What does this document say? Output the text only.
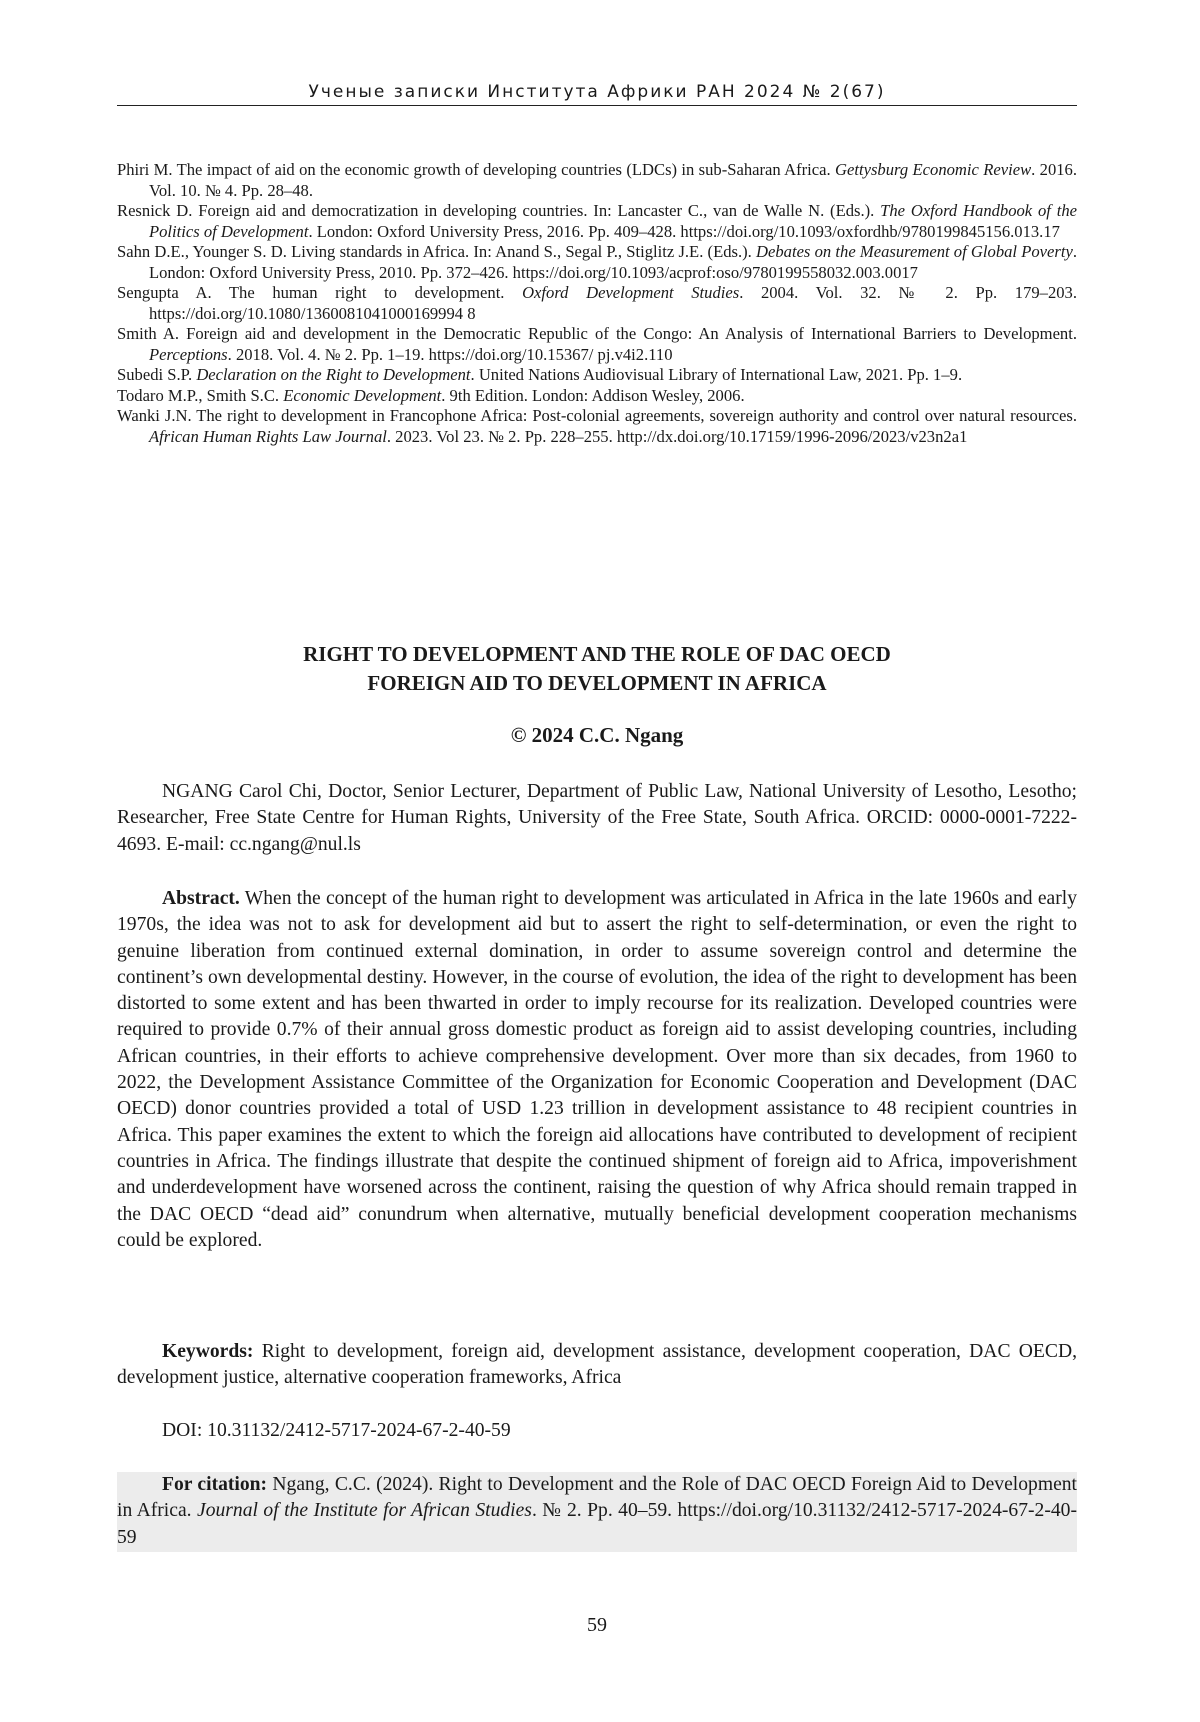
Ученые записки Института Африки РАН 2024 № 2(67)

Phiri M. The impact of aid on the economic growth of developing countries (LDCs) in sub-Saharan Africa. Gettysburg Economic Review. 2016. Vol. 10. № 4. Pp. 28–48.

Resnick D. Foreign aid and democratization in developing countries. In: Lancaster C., van de Walle N. (Eds.). The Oxford Handbook of the Politics of Development. London: Oxford University Press, 2016. Pp. 409–428. https://doi.org/10.1093/oxfordhb/9780199845156.013.17

Sahn D.E., Younger S. D. Living standards in Africa. In: Anand S., Segal P., Stiglitz J.E. (Eds.). Debates on the Measurement of Global Poverty. London: Oxford University Press, 2010. Pp. 372–426. https://doi.org/10.1093/acprof:oso/9780199558032.003.0017

Sengupta A. The human right to development. Oxford Development Studies. 2004. Vol. 32. № 2. Pp. 179–203. https://doi.org/10.1080/1360081041000169994 8

Smith A. Foreign aid and development in the Democratic Republic of the Congo: An Analysis of International Barriers to Development. Perceptions. 2018. Vol. 4. № 2. Pp. 1–19. https://doi.org/10.15367/ pj.v4i2.110

Subedi S.P. Declaration on the Right to Development. United Nations Audiovisual Library of International Law, 2021. Pp. 1–9.

Todaro M.P., Smith S.C. Economic Development. 9th Edition. London: Addison Wesley, 2006.

Wanki J.N. The right to development in Francophone Africa: Post-colonial agreements, sovereign authority and control over natural resources. African Human Rights Law Journal. 2023. Vol 23. № 2. Pp. 228–255. http://dx.doi.org/10.17159/1996-2096/2023/v23n2a1

RIGHT TO DEVELOPMENT AND THE ROLE OF DAC OECD
FOREIGN AID TO DEVELOPMENT IN AFRICA
© 2024 C.C. Ngang

NGANG Carol Chi, Doctor, Senior Lecturer, Department of Public Law, National University of Lesotho, Lesotho; Researcher, Free State Centre for Human Rights, University of the Free State, South Africa. ORCID: 0000-0001-7222-4693. E-mail: cc.ngang@nul.ls

Abstract. When the concept of the human right to development was articulated in Africa in the late 1960s and early 1970s, the idea was not to ask for development aid but to assert the right to self-determination, or even the right to genuine liberation from continued external domination, in order to assume sovereign control and determine the continent’s own developmental destiny. However, in the course of evolution, the idea of the right to development has been distorted to some extent and has been thwarted in order to imply recourse for its realization. Developed countries were required to provide 0.7% of their annual gross domestic product as foreign aid to assist developing countries, including African countries, in their efforts to achieve comprehensive development. Over more than six decades, from 1960 to 2022, the Development Assistance Committee of the Organization for Economic Cooperation and Development (DAC OECD) donor countries provided a total of USD 1.23 trillion in development assistance to 48 recipient countries in Africa. This paper examines the extent to which the foreign aid allocations have contributed to development of recipient countries in Africa. The findings illustrate that despite the continued shipment of foreign aid to Africa, impoverishment and underdevelopment have worsened across the continent, raising the question of why Africa should remain trapped in the DAC OECD “dead aid” conundrum when alternative, mutually beneficial development cooperation mechanisms could be explored.

Keywords: Right to development, foreign aid, development assistance, development cooperation, DAC OECD, development justice, alternative cooperation frameworks, Africa

DOI: 10.31132/2412-5717-2024-67-2-40-59

For citation: Ngang, C.C. (2024). Right to Development and the Role of DAC OECD Foreign Aid to Development in Africa. Journal of the Institute for African Studies. № 2. Pp. 40–59. https://doi.org/10.31132/2412-5717-2024-67-2-40-59

59
